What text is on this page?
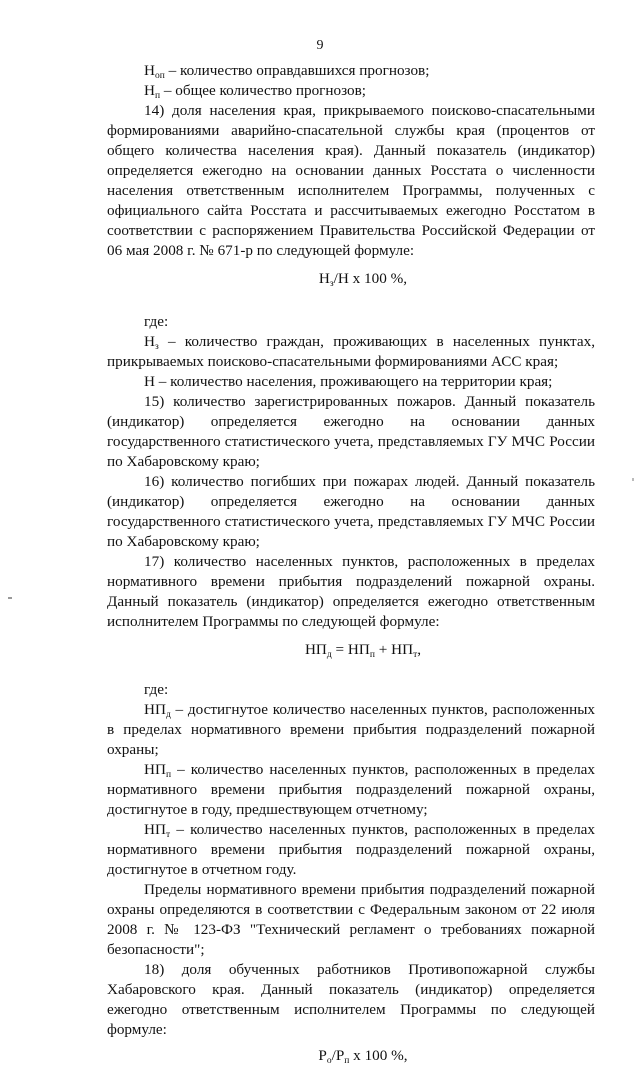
9

$Н_{оп}$ – количество оправдавшихся прогнозов;

$Н_п$ – общее количество прогнозов;

14) доля населения края, прикрываемого поисково-спасательными формированиями аварийно-спасательной службы края (процентов от общего количества населения края). Данный показатель (индикатор) определяется ежегодно на основании данных Росстата о численности населения ответственным исполнителем Программы, полученных с официального сайта Росстата и рассчитываемых ежегодно Росстатом в соответствии с распоряжением Правительства Российской Федерации от 06 мая 2008 г. № 671-р по следующей формуле:

$Н_з/Н$ х 100 %,

где:

$Н_з$ – количество граждан, проживающих в населенных пунктах, прикрываемых поисково-спасательными формированиями АСС края;

Н – количество населения, проживающего на территории края;

15) количество зарегистрированных пожаров. Данный показатель (индикатор) определяется ежегодно на основании данных государственного статистического учета, представляемых ГУ МЧС России по Хабаровскому краю;

16) количество погибших при пожарах людей. Данный показатель (индикатор) определяется ежегодно на основании данных государственного статистического учета, представляемых ГУ МЧС России по Хабаровскому краю;

17) количество населенных пунктов, расположенных в пределах нормативного времени прибытия подразделений пожарной охраны. Данный показатель (индикатор) определяется ежегодно ответственным исполнителем Программы по следующей формуле:

$НП_д = НП_п + НП_т$,

где:

$НП_д$ – достигнутое количество населенных пунктов, расположенных в пределах нормативного времени прибытия подразделений пожарной охраны;

$НП_п$ – количество населенных пунктов, расположенных в пределах нормативного времени прибытия подразделений пожарной охраны, достигнутое в году, предшествующем отчетному;

$НП_т$ – количество населенных пунктов, расположенных в пределах нормативного времени прибытия подразделений пожарной охраны, достигнутое в отчетном году.

Пределы нормативного времени прибытия подразделений пожарной охраны определяются в соответствии с Федеральным законом от 22 июля 2008 г. № 123-ФЗ "Технический регламент о требованиях пожарной безопасности";

18) доля обученных работников Противопожарной службы Хабаровского края. Данный показатель (индикатор) определяется ежегодно ответственным исполнителем Программы по следующей формуле:

$Р_о/Р_п$ х 100 %,
